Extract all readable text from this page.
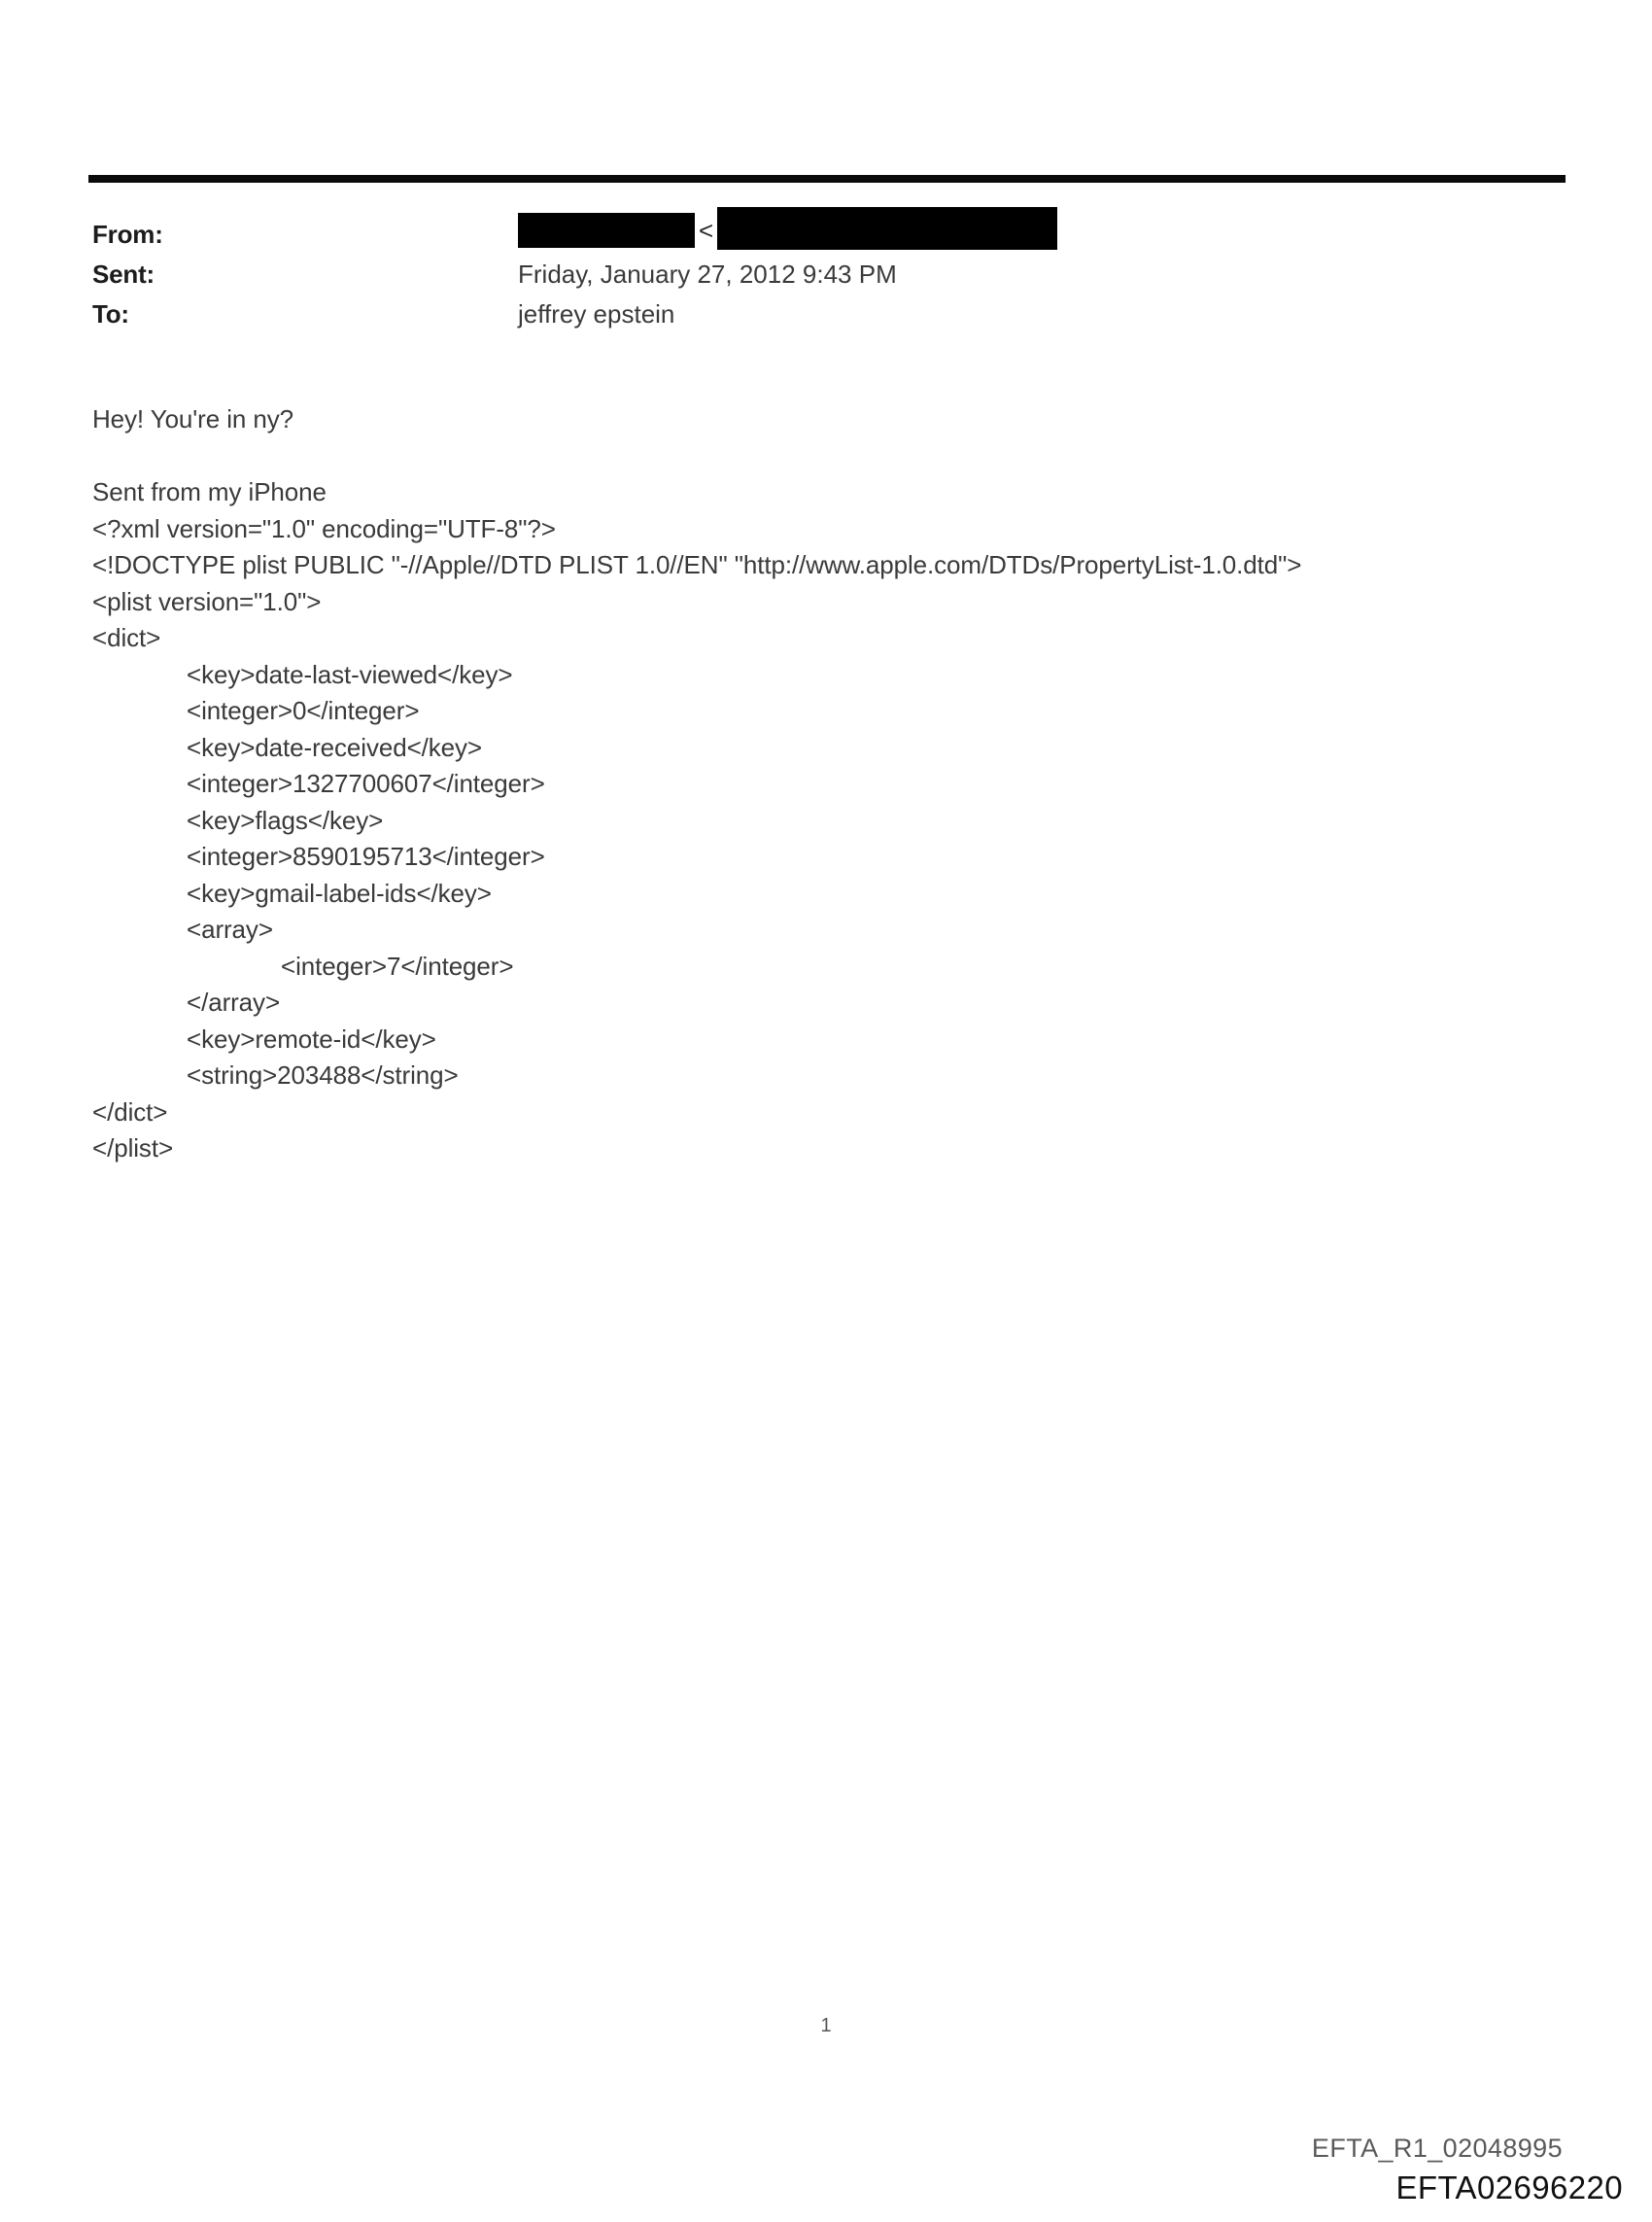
From:	<
Sent:	Friday, January 27, 2012 9:43 PM
To:	jeffrey epstein
Hey! You're in ny?
Sent from my iPhone
<?xml version="1.0" encoding="UTF-8"?>
<!DOCTYPE plist PUBLIC "-//Apple//DTD PLIST 1.0//EN" "http://www.apple.com/DTDs/PropertyList-1.0.dtd">
<plist version="1.0">
<dict>
<key>date-last-viewed</key>
<integer>0</integer>
<key>date-received</key>
<integer>1327700607</integer>
<key>flags</key>
<integer>8590195713</integer>
<key>gmail-label-ids</key>
<array>
<integer>7</integer>
</array>
<key>remote-id</key>
<string>203488</string>
</dict>
</plist>
1
EFTA_R1_02048995
EFTA02696220
